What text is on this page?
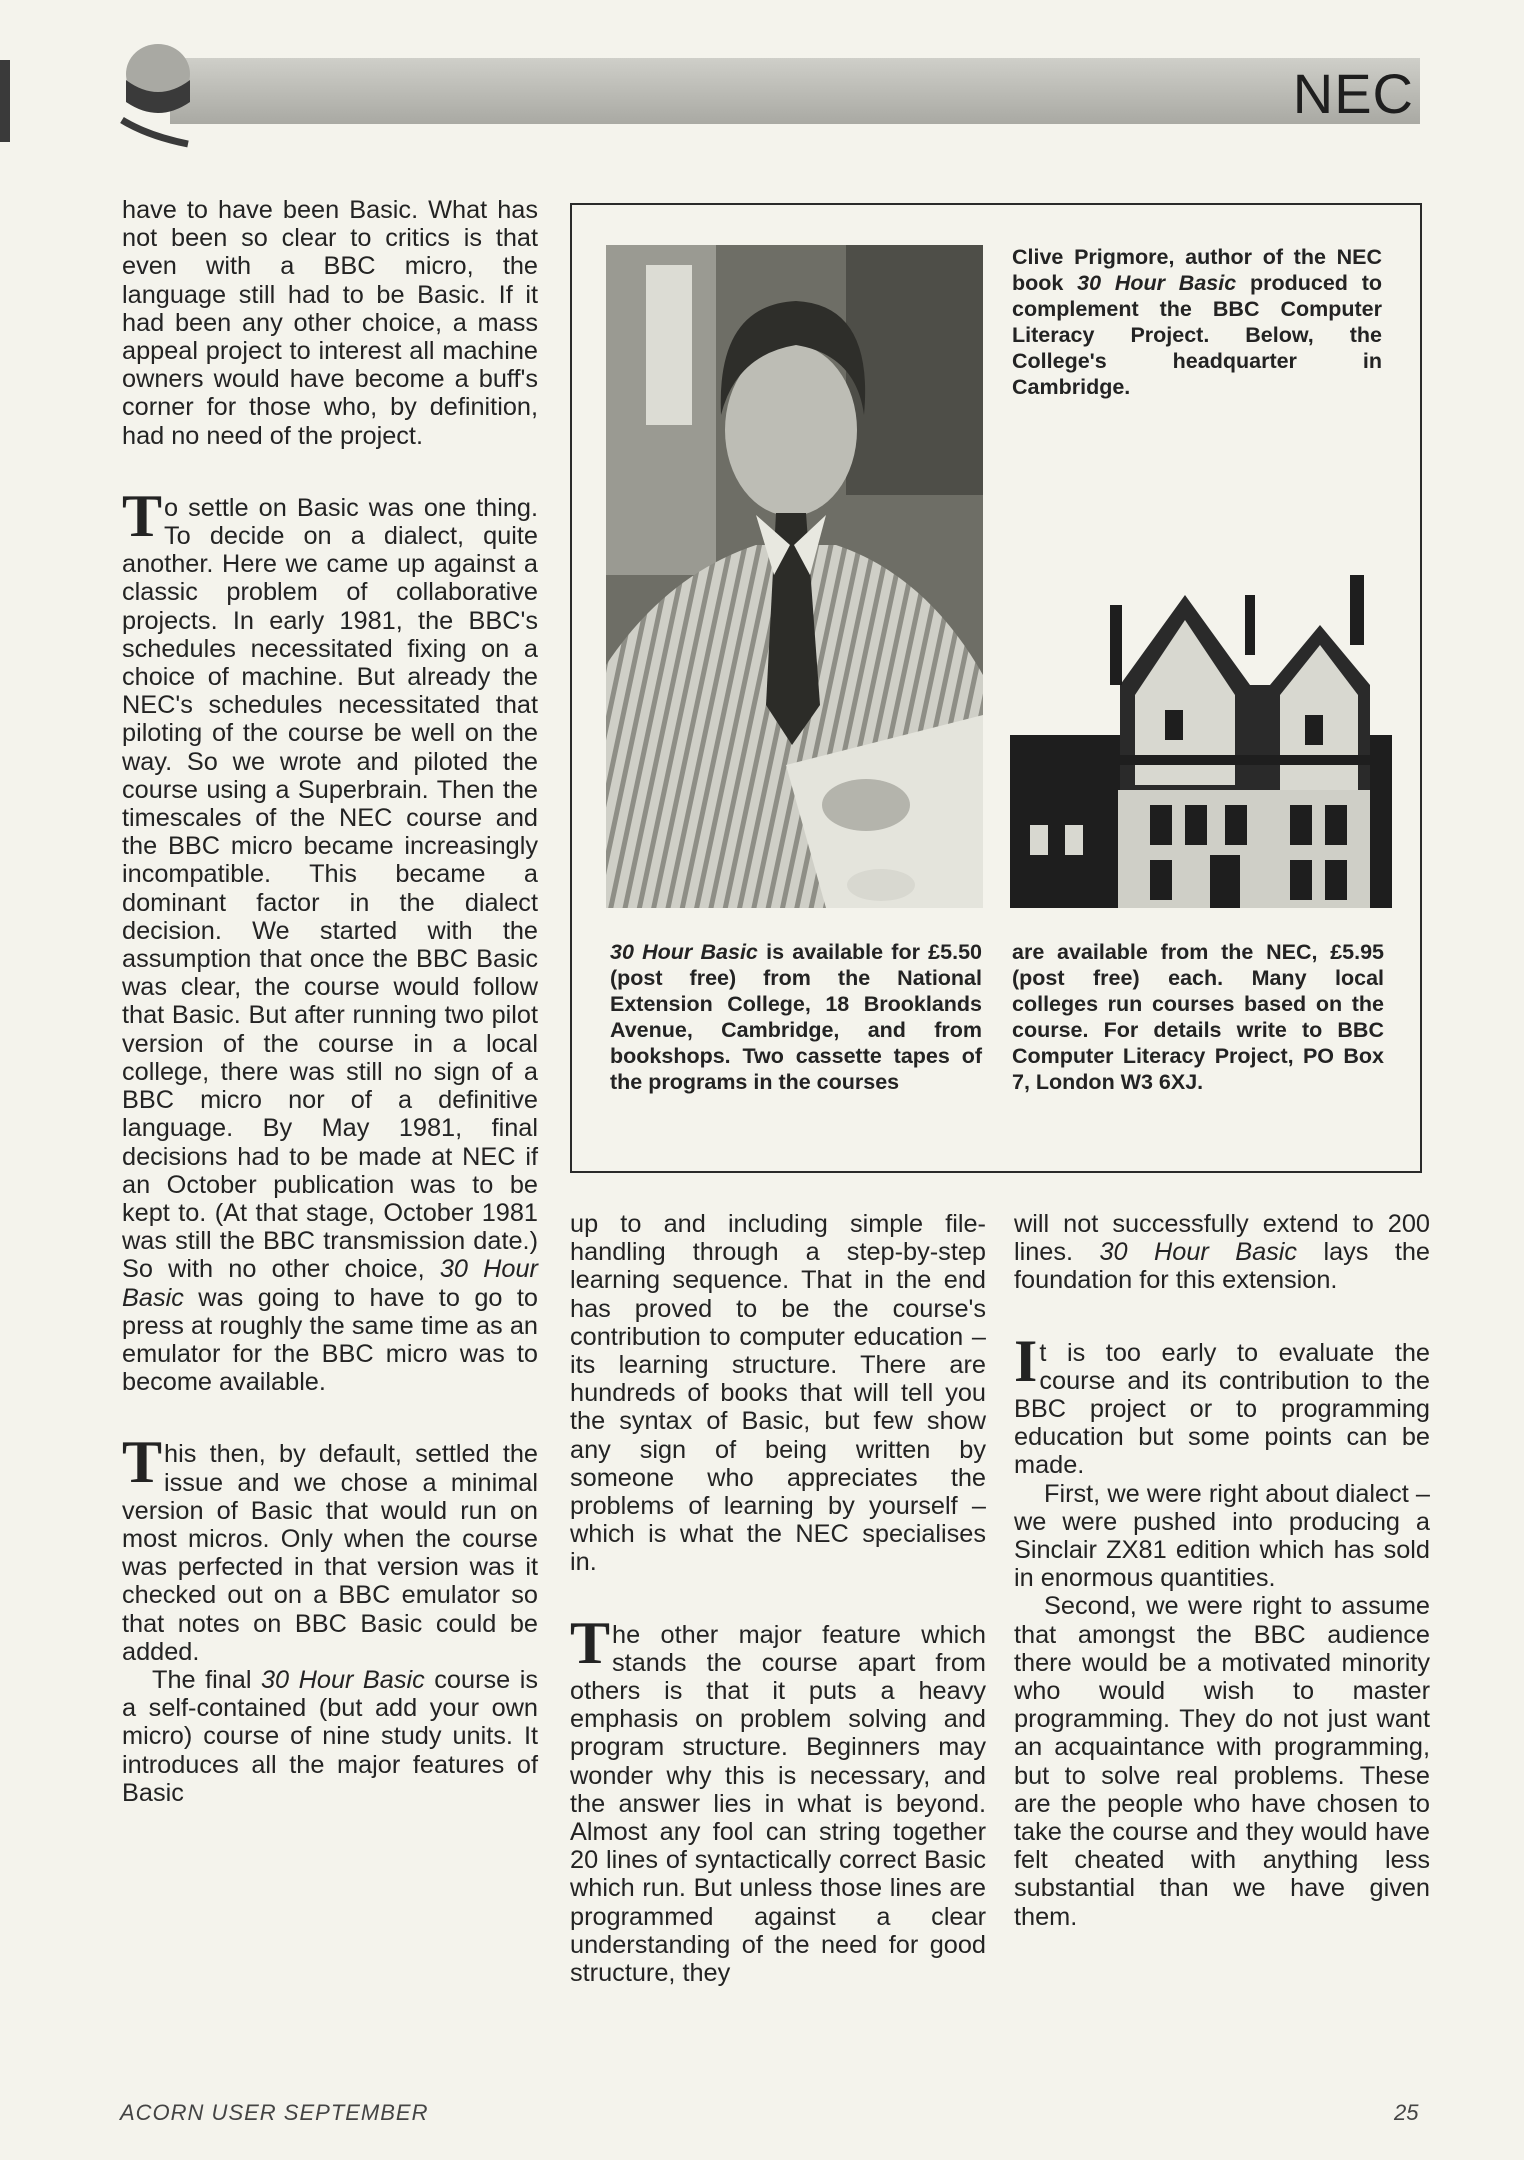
NEC

have to have been Basic. What has not been so clear to critics is that even with a BBC micro, the language still had to be Basic. If it had been any other choice, a mass appeal project to interest all machine owners would have become a buff's corner for those who, by definition, had no need of the project.

To settle on Basic was one thing. To decide on a dialect, quite another. Here we came up against a classic problem of collaborative projects. In early 1981, the BBC's schedules necessitated fixing on a choice of machine. But already the NEC's schedules necessitated that piloting of the course be well on the way. So we wrote and piloted the course using a Superbrain. Then the timescales of the NEC course and the BBC micro became increasingly incompatible. This became a dominant factor in the dialect decision. We started with the assumption that once the BBC Basic was clear, the course would follow that Basic. But after running two pilot version of the course in a local college, there was still no sign of a BBC micro nor of a definitive language. By May 1981, final decisions had to be made at NEC if an October publication was to be kept to. (At that stage, October 1981 was still the BBC transmission date.) So with no other choice, 30 Hour Basic was going to have to go to press at roughly the same time as an emulator for the BBC micro was to become available.

This then, by default, settled the issue and we chose a minimal version of Basic that would run on most micros. Only when the course was perfected in that version was it checked out on a BBC emulator so that notes on BBC Basic could be added.

The final 30 Hour Basic course is a self-contained (but add your own micro) course of nine study units. It introduces all the major features of Basic

Clive Prigmore, author of the NEC book 30 Hour Basic produced to complement the BBC Computer Literacy Project. Below, the College's headquarter in Cambridge.

30 Hour Basic is available for £5.50 (post free) from the National Extension College, 18 Brooklands Avenue, Cambridge, and from bookshops. Two cassette tapes of the programs in the courses

are available from the NEC, £5.95 (post free) each. Many local colleges run courses based on the course. For details write to BBC Computer Literacy Project, PO Box 7, London W3 6XJ.

up to and including simple file-handling through a step-by-step learning sequence. That in the end has proved to be the course's contribution to computer education – its learning structure. There are hundreds of books that will tell you the syntax of Basic, but few show any sign of being written by someone who appreciates the problems of learning by yourself – which is what the NEC specialises in.

The other major feature which stands the course apart from others is that it puts a heavy emphasis on problem solving and program structure. Beginners may wonder why this is necessary, and the answer lies in what is beyond. Almost any fool can string together 20 lines of syntactically correct Basic which run. But unless those lines are programmed against a clear understanding of the need for good structure, they

will not successfully extend to 200 lines. 30 Hour Basic lays the foundation for this extension.

It is too early to evaluate the course and its contribution to the BBC project or to programming education but some points can be made.

First, we were right about dialect – we were pushed into producing a Sinclair ZX81 edition which has sold in enormous quantities.

Second, we were right to assume that amongst the BBC audience there would be a motivated minority who would wish to master programming. They do not just want an acquaintance with programming, but to solve real problems. These are the people who have chosen to take the course and they would have felt cheated with anything less substantial than we have given them.

ACORN USER SEPTEMBER	25
